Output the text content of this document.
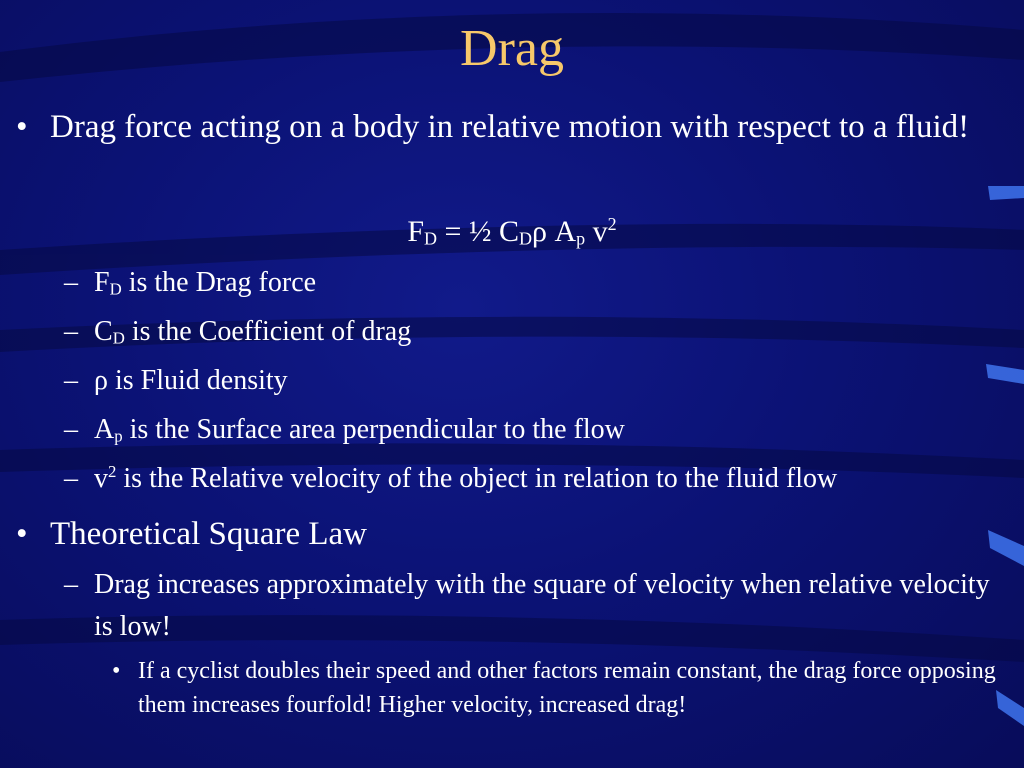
Drag
• Drag force acting on a body in relative motion with respect to a fluid!
$F_D$ = ½ $C_D\rho$ $A_p$ $v^2$
– $F_D$ is the Drag force
– $C_D$ is the Coefficient of drag
– ρ is Fluid density
– $A_p$ is the Surface area perpendicular to the flow
– $v^2$ is the Relative velocity of the object in relation to the fluid flow
• Theoretical Square Law
– Drag increases approximately with the square of velocity when relative velocity is low!
• If a cyclist doubles their speed and other factors remain constant, the drag force opposing them increases fourfold! Higher velocity, increased drag!
